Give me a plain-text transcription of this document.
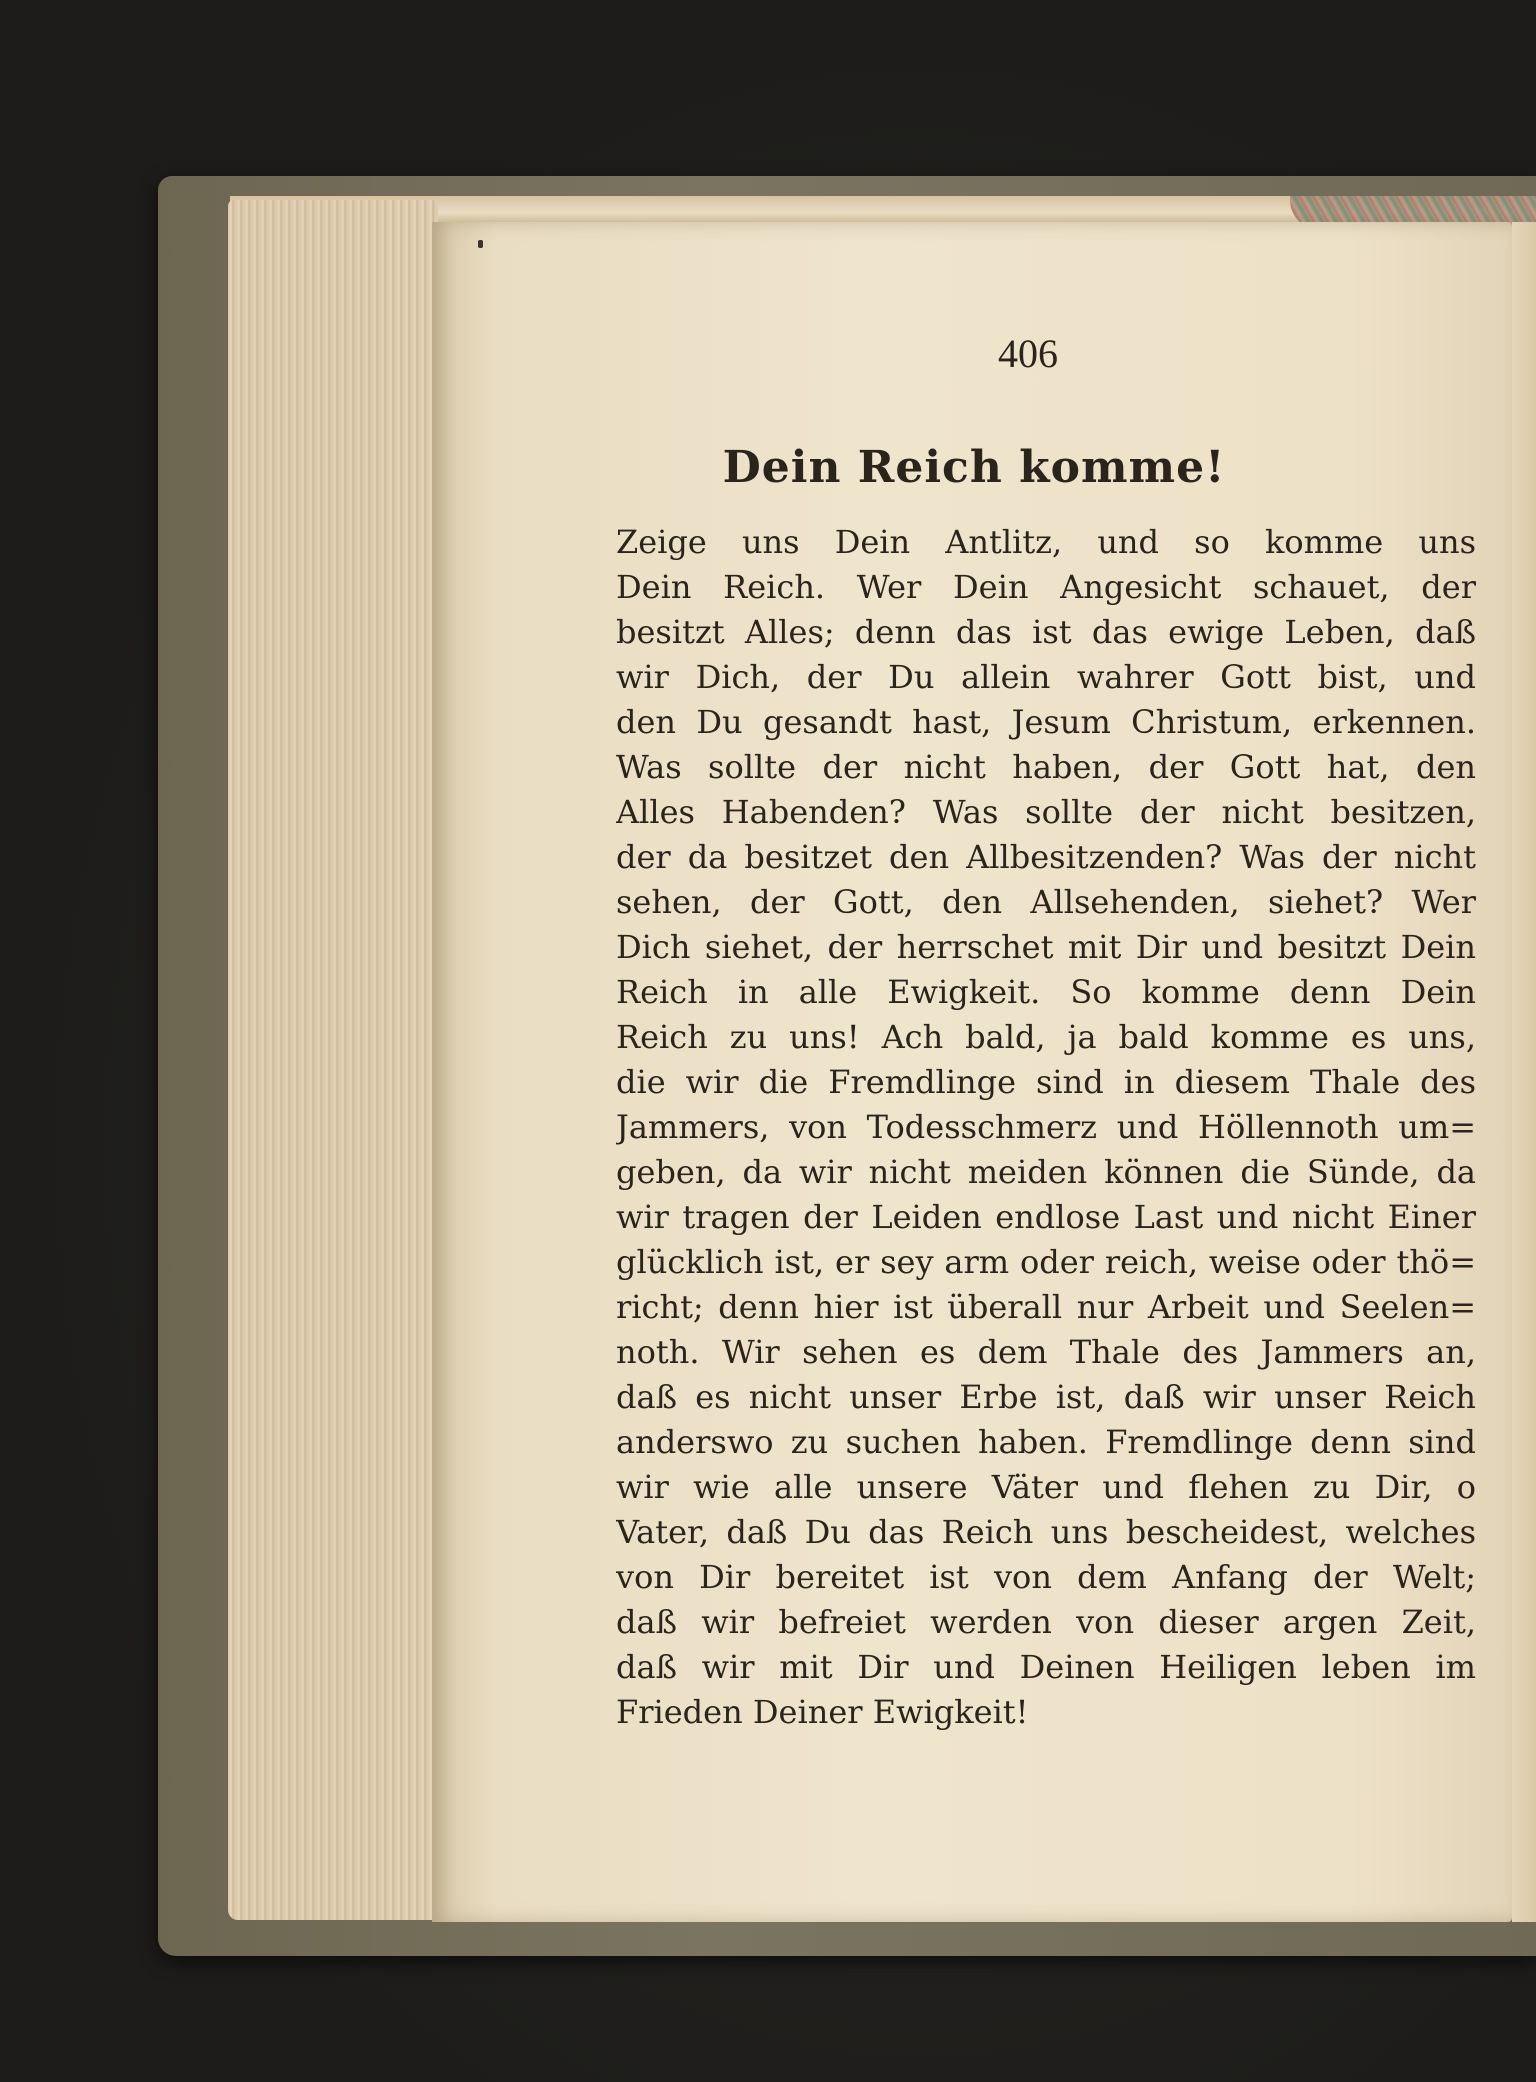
406
Dein Reich komme!
Zeige uns Dein Antlitz, und so komme uns
Dein Reich. Wer Dein Angesicht schauet, der
besitzt Alles; denn das ist das ewige Leben, daß
wir Dich, der Du allein wahrer Gott bist, und
den Du gesandt hast, Jesum Christum, erkennen.
Was sollte der nicht haben, der Gott hat, den
Alles Habenden? Was sollte der nicht besitzen,
der da besitzet den Allbesitzenden? Was der nicht
sehen, der Gott, den Allsehenden, siehet? Wer
Dich siehet, der herrschet mit Dir und besitzt Dein
Reich in alle Ewigkeit. So komme denn Dein
Reich zu uns! Ach bald, ja bald komme es uns,
die wir die Fremdlinge sind in diesem Thale des
Jammers, von Todesschmerz und Höllennoth um=
geben, da wir nicht meiden können die Sünde, da
wir tragen der Leiden endlose Last und nicht Einer
glücklich ist, er sey arm oder reich, weise oder thö=
richt; denn hier ist überall nur Arbeit und Seelen=
noth. Wir sehen es dem Thale des Jammers an,
daß es nicht unser Erbe ist, daß wir unser Reich
anderswo zu suchen haben. Fremdlinge denn sind
wir wie alle unsere Väter und flehen zu Dir, o
Vater, daß Du das Reich uns bescheidest, welches
von Dir bereitet ist von dem Anfang der Welt;
daß wir befreiet werden von dieser argen Zeit,
daß wir mit Dir und Deinen Heiligen leben im
Frieden Deiner Ewigkeit!
